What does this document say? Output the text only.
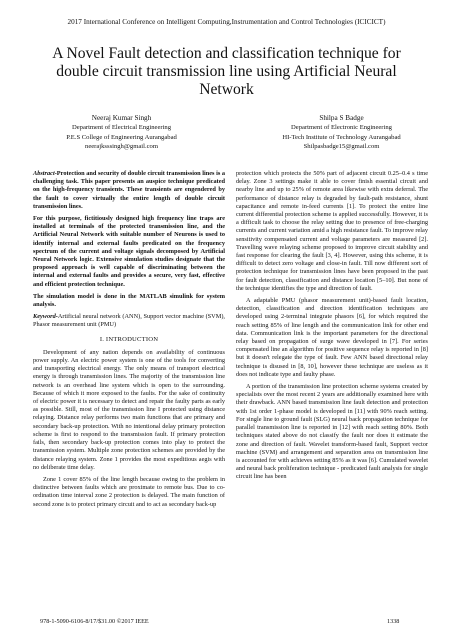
2017 International Conference on Intelligent Computing,Instrumentation and Control Technologies (ICICICT)
A Novel Fault detection and classification technique for double circuit transmission line using Artificial Neural Network
Neeraj Kumar Singh
Department of Electrical Engineering
P.E.S College of Engineering Aurangabad
neerajksssingh@gmail.com
Shilpa S Badge
Department of Electronic Engineering
HI-Tech Institute of Technology Aurangabad
Shilpasbadge15@gmail.com

Abstract-Protection and security of double circuit transmission lines is a challenging task. This paper presents an auspice technique predicated on the high-frequency transients. These transients are engendered by the fault to cover virtually the entire length of double circuit transmission lines.

For this purpose, fictitiously designed high frequency line traps are installed at terminals of the protected transmission line, and the Artificial Neural Network with suitable number of Neurons is used to identify internal and external faults predicated on the frequency spectrum of the current and voltage signals decomposed by Artificial Neural Network logic. Extensive simulation studies designate that the proposed approach is well capable of discriminating between the internal and external faults and provides a secure, very fast, effective and efficient protection technique.

The simulation model is done in the MATLAB simulink for system analysis.

Keyword-Artificial neural network (ANN), Support vector machine (SVM), Phasor measurement unit (PMU)

I. INTRODUCTION

Development of any nation depends on availability of continuous power supply. An electric power system is one of the tools for converting and transporting electrical energy. The only means of transport electrical energy is through transmission lines. The majority of the transmission line network is an overhead line system which is open to the surrounding. Because of which it more exposed to the faults. For the sake of continuity of electric power it is necessary to detect and repair the faulty parts as early as possible. Still, most of the transmission line I protected using distance relaying. Distance relay performs two main functions that are primary and secondary back-up protection. With no intentional delay primary protection scheme is first to respond to the transmission fault. If primary protection fails, then secondary back-up protection comes into play to protect the transmission system. Multiple zone protection schemes are provided by the distance relaying system. Zone 1 provides the most expeditious aegis with no deliberate time delay.

Zone 1 cover 85% of the line length because owing to the problem in distinctive between faults which are proximate to remote bus. Due to co-ordination time interval zone 2 protection is delayed. The main function of second zone is to protect primary circuit and to act as secondary back-up

protection which protects the 50% part of adjacent circuit 0.25–0.4 s time delay. Zone 3 settings make it able to cover finish essential circuit and nearby line and up to 25% of remote area likewise with extra deferral. The performance of distance relay is degraded by fault-path resistance, shunt capacitance and remote in-feed currents [1]. To protect the entire line current differential protection scheme is applied successfully. However, it is a difficult task to choose the relay setting due to presence of free-charging currents and current variation amid a high resistance fault. To improve relay sensitivity compensated current and voltage parameters are measured [2]. Travelling wave relaying scheme proposed to improve circuit stability and fast response for clearing the fault [3, 4]. However, using this scheme, it is difficult to detect zero voltage and close-in fault. Till now different sort of protection technique for transmission lines have been proposed in the past for fault detection, classification and distance location [5–10]. But none of the technique identifies the type and direction of fault.

A adaptable PMU (phasor measurement unit)-based fault location, detection, classification and direction identification techniques are developed using 2-terminal integrate phasors [6], for which required the reach setting 85% of line length and the communication link for other end data. Communication link is the important parameters for the directional relay based on propagation of surge wave developed in [7]. For series compensated line an algorithm for positive sequence relay is reported in [8] but it doesn't relegate the type of fault. Few ANN based directional relay technique is disused in [8, 10], however these technique are useless as it does not indicate type and faulty phase.

A portion of the transmission line protection scheme systems created by specialists over the most recent 2 years are additionally examined here with their drawback. ANN based transmission line fault detection and protection with 1st order 1-phase model is developed in [11] with 90% reach setting. For single line to ground fault (SLG) neural back propagation technique for parallel transmission line is reported in [12] with reach setting 80%. Both techniques stated above do not classify the fault nor does it estimate the zone and direction of fault. Wavelet transform-based fault, Support vector machine (SVM) and arrangement and separation area on transmission line is accounted for with achieves setting 85% as it was [6]. Cumulated wavelet and neural back proliferation technique - predicated fault analysis for single circuit line has been

978-1-5090-6106-8/17/$31.00 ©2017 IEEE	1338
